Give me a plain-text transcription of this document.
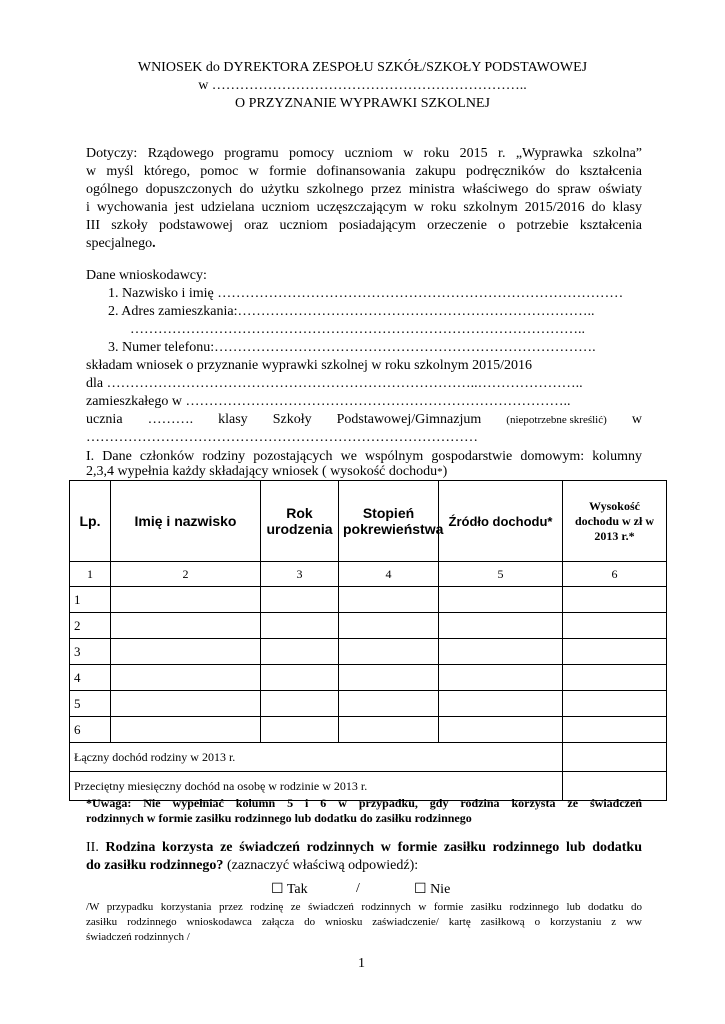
WNIOSEK do DYREKTORA ZESPOŁU SZKÓŁ/SZKOŁY PODSTAWOWEJ
w …………………………………………………………..
O PRZYZNANIE WYPRAWKI SZKOLNEJ
Dotyczy: Rządowego programu pomocy uczniom w roku 2015 r. „Wyprawka szkolna”
w myśl którego, pomoc w formie dofinansowania zakupu podręczników do kształcenia
ogólnego dopuszczonych do użytku szkolnego przez ministra właściwego do spraw oświaty
i wychowania jest udzielana uczniom uczęszczającym w roku szkolnym 2015/2016 do klasy
III szkoły podstawowej oraz uczniom posiadającym orzeczenie o potrzebie kształcenia
specjalnego.
Dane wnioskodawcy:
1. Nazwisko i imię ……………………………………………………………………………
2. Adres zamieszkania:…………………………………………………………………..
……………………………………………………………………………………..
3. Numer telefonu:……………………………………………………………………….
składam wniosek o przyznanie wyprawki szkolnej w roku szkolnym 2015/2016
dla ……………………………………………………………………..…………………..
zamieszkałego w ………………………………………………………………………..
ucznia ………. klasy Szkoły Podstawowej/Gimnazjum (niepotrzebne skreślić) w
…………………………………………………………………………
I. Dane członków rodziny pozostających we wspólnym gospodarstwie domowym: kolumny
2,3,4 wypełnia każdy składający wniosek ( wysokość dochodu*)
Lp.	Imię i nazwisko	Rok urodzenia	Stopień pokrewieństwa	Źródło dochodu*	Wysokość dochodu w zł w 2013 r.*
1	2	3	4	5	6
1					
2					
3					
4					
5					
6					
Łączny dochód rodziny w 2013 r.					
Przeciętny miesięczny dochód na osobę w rodzinie w 2013 r.					
*Uwaga: Nie wypełniać kolumn 5 i 6 w przypadku, gdy rodzina korzysta ze świadczeń
rodzinnych w formie zasiłku rodzinnego lub dodatku do zasiłku rodzinnego
II. Rodzina korzysta ze świadczeń rodzinnych w formie zasiłku rodzinnego lub dodatku
do zasiłku rodzinnego? (zaznaczyć właściwą odpowiedź):
☐ Tak	/	☐ Nie
/W przypadku korzystania przez rodzinę ze świadczeń rodzinnych w formie zasiłku rodzinnego lub dodatku do
zasiłku rodzinnego wnioskodawca załącza do wniosku zaświadczenie/ kartę zasiłkową o korzystaniu z ww
świadczeń rodzinnych /
1
